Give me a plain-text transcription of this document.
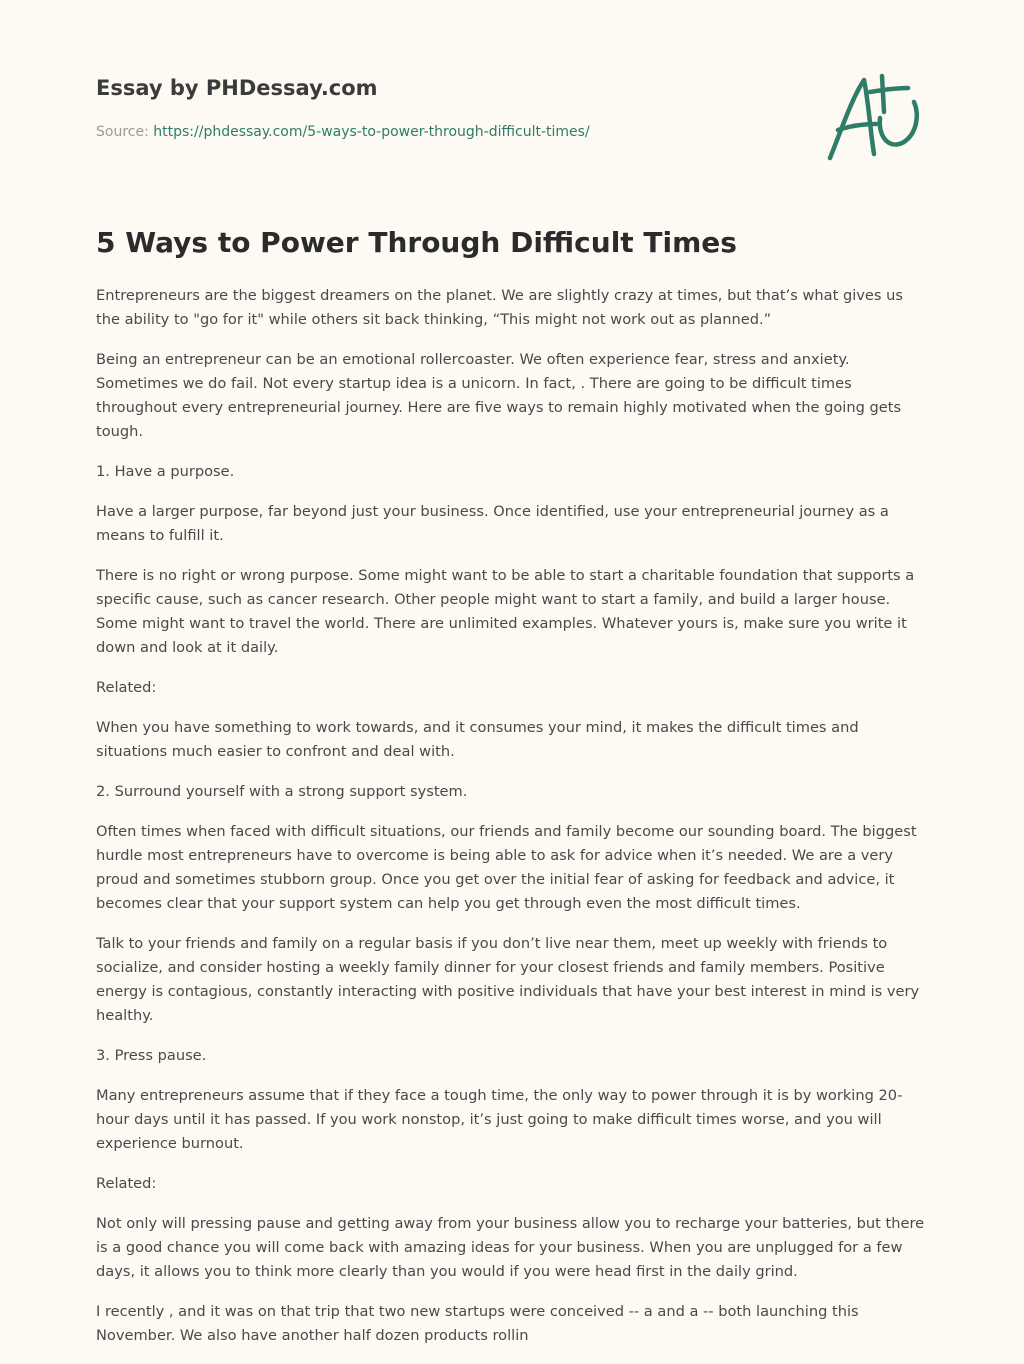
Essay by PHDessay.com
Source: https://phdessay.com/5-ways-to-power-through-difficult-times/
5 Ways to Power Through Difficult Times

Entrepreneurs are the biggest dreamers on the planet. We are slightly crazy at times, but that’s what gives us the ability to "go for it" while others sit back thinking, “This might not work out as planned.”

Being an entrepreneur can be an emotional rollercoaster. We often experience fear, stress and anxiety. Sometimes we do fail. Not every startup idea is a unicorn. In fact, . There are going to be difficult times throughout every entrepreneurial journey. Here are five ways to remain highly motivated when the going gets tough.

1. Have a purpose.

Have a larger purpose, far beyond just your business. Once identified, use your entrepreneurial journey as a means to fulfill it.

There is no right or wrong purpose. Some might want to be able to start a charitable foundation that supports a specific cause, such as cancer research. Other people might want to start a family, and build a larger house. Some might want to travel the world. There are unlimited examples. Whatever yours is, make sure you write it down and look at it daily.

Related:

When you have something to work towards, and it consumes your mind, it makes the difficult times and situations much easier to confront and deal with.

2. Surround yourself with a strong support system.

Often times when faced with difficult situations, our friends and family become our sounding board. The biggest hurdle most entrepreneurs have to overcome is being able to ask for advice when it’s needed. We are a very proud and sometimes stubborn group. Once you get over the initial fear of asking for feedback and advice, it becomes clear that your support system can help you get through even the most difficult times.

Talk to your friends and family on a regular basis if you don’t live near them, meet up weekly with friends to socialize, and consider hosting a weekly family dinner for your closest friends and family members. Positive energy is contagious, constantly interacting with positive individuals that have your best interest in mind is very healthy.

3. Press pause.

Many entrepreneurs assume that if they face a tough time, the only way to power through it is by working 20-hour days until it has passed. If you work nonstop, it’s just going to make difficult times worse, and you will experience burnout.

Related:

Not only will pressing pause and getting away from your business allow you to recharge your batteries, but there is a good chance you will come back with amazing ideas for your business. When you are unplugged for a few days, it allows you to think more clearly than you would if you were head first in the daily grind.

I recently , and it was on that trip that two new startups were conceived -- a and a -- both launching this November. We also have another half dozen products rollin
